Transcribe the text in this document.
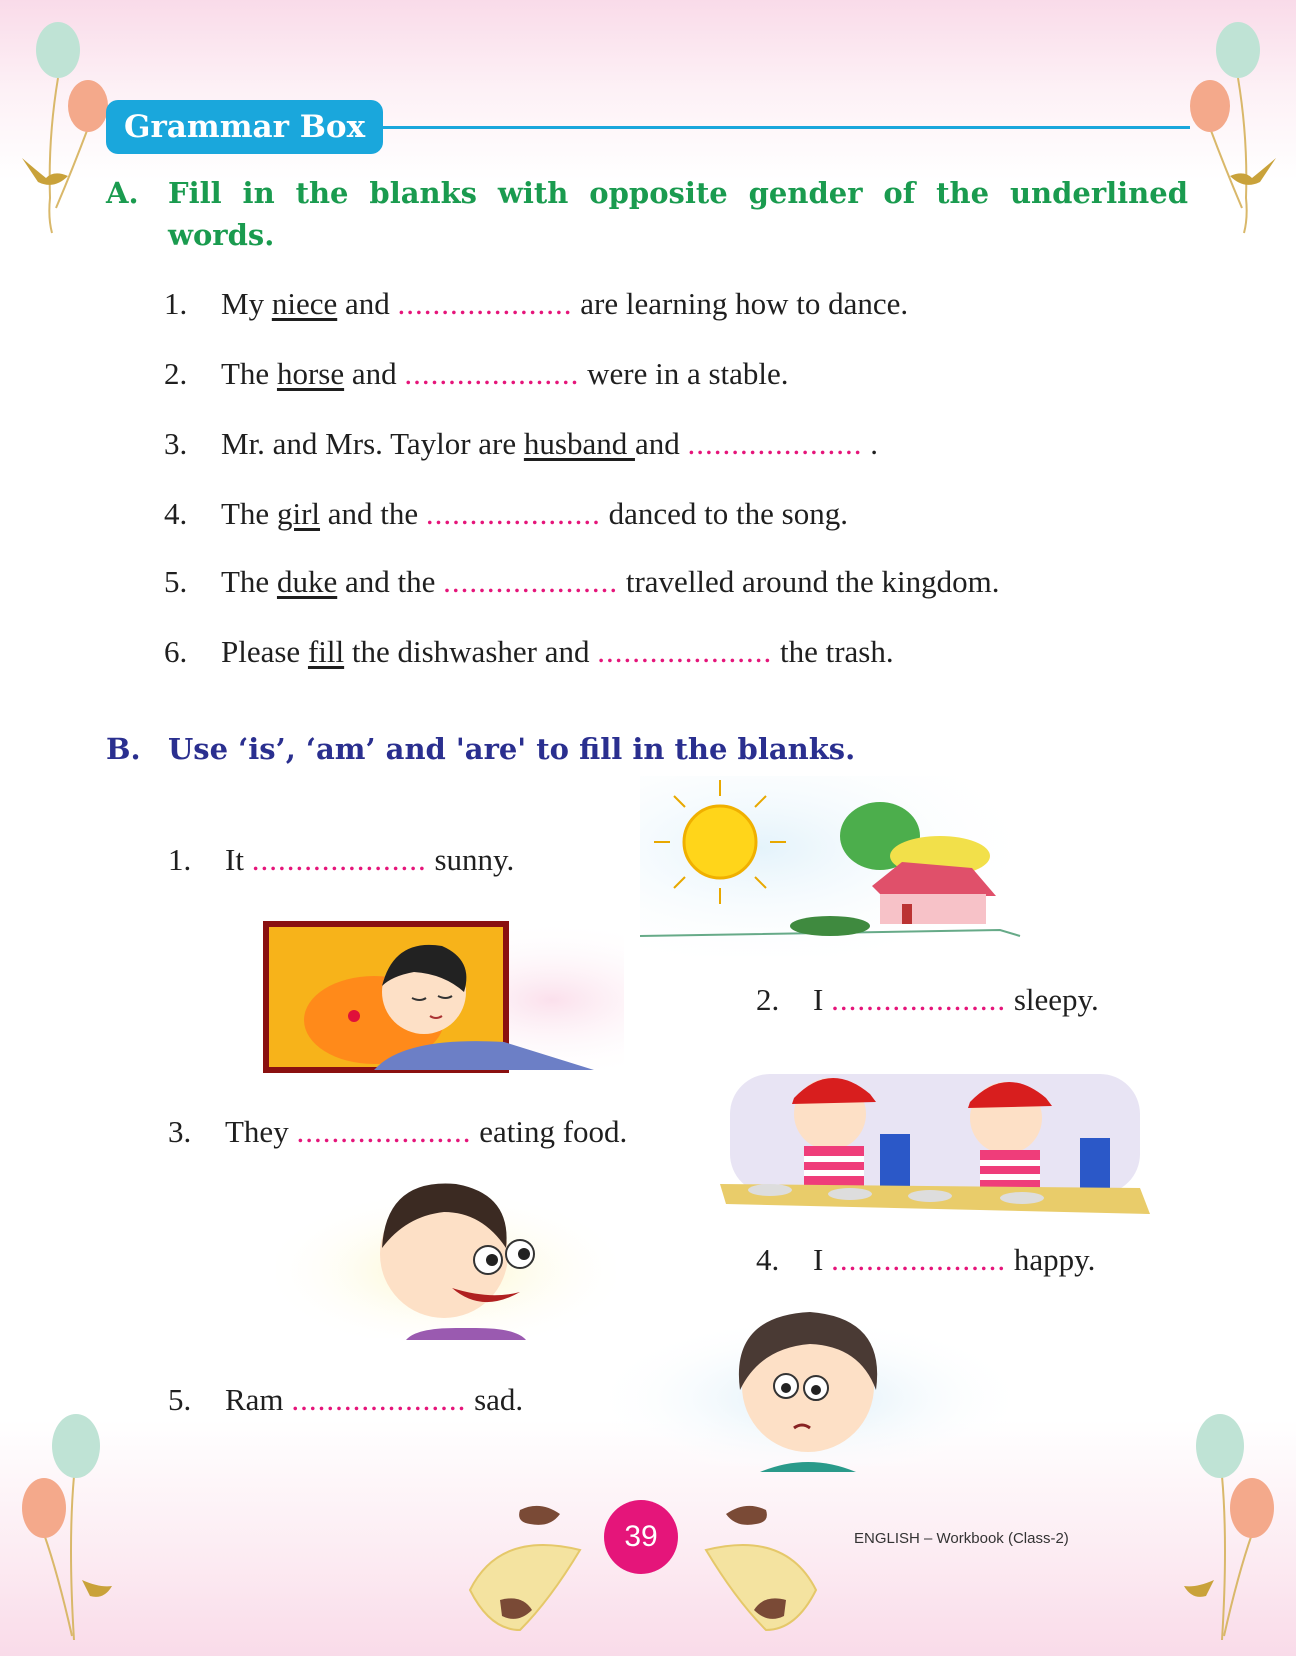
Grammar Box
A. Fill in the blanks with opposite gender of the underlined
words.
1. My niece and .................... are learning how to dance.
2. The horse and .................... were in a stable.
3. Mr. and Mrs. Taylor are husband and .................... .
4. The girl and the .................... danced to the song.
5. The duke and the .................... travelled around the kingdom.
6. Please fill the dishwasher and .................... the trash.
B. Use ‘is’, ‘am’ and 'are' to fill in the blanks.
1. It .................... sunny.
2. I .................... sleepy.
3. They .................... eating food.
4. I .................... happy.
5. Ram .................... sad.
39	ENGLISH – Workbook (Class-2)
